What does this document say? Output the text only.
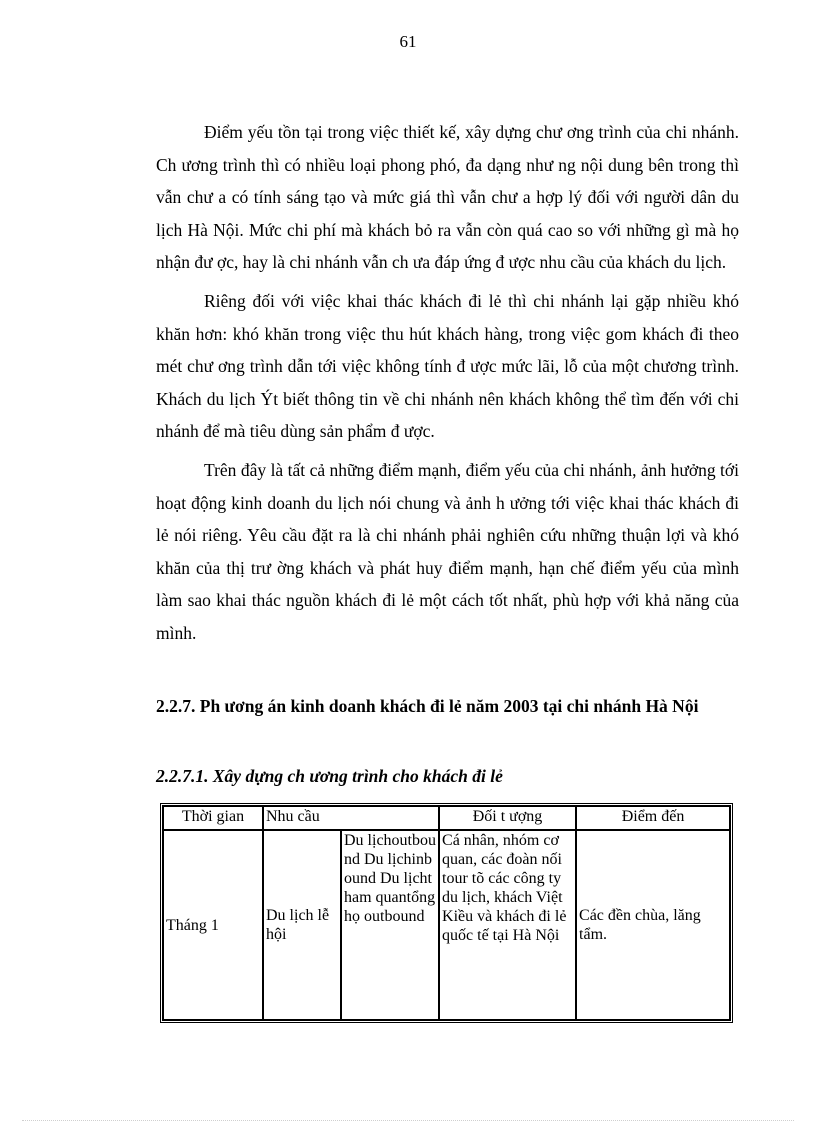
61

Điểm yếu tồn tại trong việc thiết kế, xây dựng chư ơng trình của chi nhánh. Ch ương trình thì có nhiều loại phong phó, đa dạng như ng nội dung bên trong thì vẫn chư a có tính sáng tạo và mức giá thì vẫn chư a hợp lý đối với người dân du lịch Hà Nội. Mức chi phí mà khách bỏ ra vẫn còn quá cao so với những gì mà họ nhận đư ợc, hay là chi nhánh vẫn ch ưa đáp ứng đ ược nhu cầu của khách du lịch.

Riêng đối với việc khai thác khách đi lẻ thì chi nhánh lại gặp nhiều khó khăn hơn: khó khăn trong việc thu hút khách hàng, trong việc gom khách đi theo mét chư ơng trình dẫn tới việc không tính đ ược mức lãi, lỗ của một chương trình. Khách du lịch Ýt biết thông tin về chi nhánh nên khách không thể tìm đến với chi nhánh để mà tiêu dùng sản phẩm đ ược.

Trên đây là tất cả những điểm mạnh, điểm yếu của chi nhánh, ảnh hưởng tới hoạt động kinh doanh du lịch nói chung và ảnh h ưởng tới việc khai thác khách đi lẻ nói riêng. Yêu cầu đặt ra là chi nhánh phải nghiên cứu những thuận lợi và khó khăn của thị trư ờng khách và phát huy điểm mạnh, hạn chế điểm yếu của mình làm sao khai thác nguồn khách đi lẻ một cách tốt nhất, phù hợp với khả năng của mình.

2.2.7. Ph ương án kinh doanh khách đi lẻ năm 2003 tại chi nhánh Hà Nội
2.2.7.1. Xây dựng ch ương trình cho khách đi lẻ
Thời gian	Nhu cầu		Đối t ượng	Điểm đến
Tháng 1	Du lịch lễ hội	Du lịchoutbound Du lịchinbound Du lịchtham quantổng họ outbound	Cá nhân, nhóm cơ quan, các đoàn nối tour tõ các công ty du lịch, khách Việt Kiều và khách đi lẻ quốc tế tại Hà Nội	Các đền chùa, lăng tẩm.
